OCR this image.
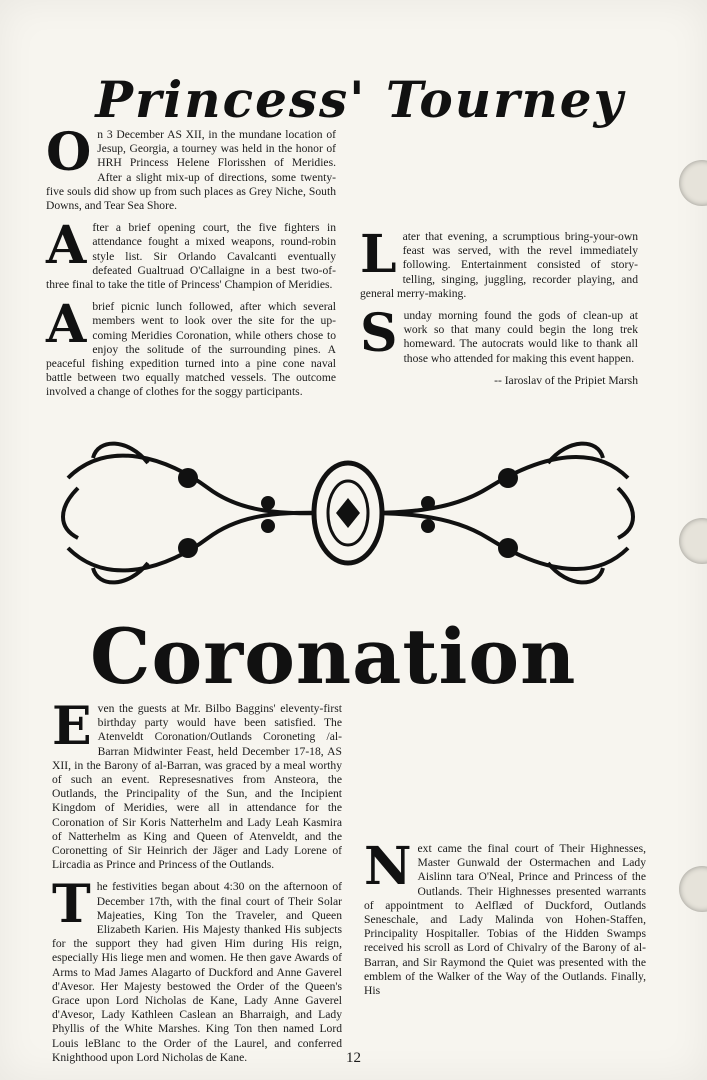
Princess' Tourney

On 3 December AS XII, in the mundane location of Jesup, Georgia, a tourney was held in the honor of HRH Princess Helene Florisshen of Meridies. After a slight mix-up of directions, some twenty-five souls did show up from such places as Grey Niche, South Downs, and Tear Sea Shore.

After a brief opening court, the five fighters in attendance fought a mixed weapons, round-robin style list. Sir Orlando Cavalcanti eventually defeated Gualtruad O'Callaigne in a best two-of-three final to take the title of Princess' Champion of Meridies.

Abrief picnic lunch followed, after which several members went to look over the site for the up-coming Meridies Coronation, while others chose to enjoy the solitude of the surrounding pines. A peaceful fishing expedition turned into a pine cone naval battle between two equally matched vessels. The outcome involved a change of clothes for the soggy participants.

Later that evening, a scrumptious bring-your-own feast was served, with the revel immediately following. Entertainment consisted of story-telling, singing, juggling, recorder playing, and general merry-making.

Sunday morning found the gods of clean-up at work so that many could begin the long trek homeward. The autocrats would like to thank all those who attended for making this event happen.

-- Iaroslav of the Pripiet Marsh
Coronation

Even the guests at Mr. Bilbo Baggins' eleventy-first birthday party would have been satisfied. The Atenveldt Coronation/Outlands Coroneting /al-Barran Midwinter Feast, held December 17-18, AS XII, in the Barony of al-Barran, was graced by a meal worthy of such an event. Represesnatives from Ansteora, the Outlands, the Principality of the Sun, and the Incipient Kingdom of Meridies, were all in attendance for the Coronation of Sir Koris Natterhelm and Lady Leah Kasmira of Natterhelm as King and Queen of Atenveldt, and the Coronetting of Sir Heinrich der Jäger and Lady Lorene of Lircadia as Prince and Princess of the Outlands.

The festivities began about 4:30 on the afternoon of December 17th, with the final court of Their Solar Majeaties, King Ton the Traveler, and Queen Elizabeth Karien. His Majesty thanked His subjects for the support they had given Him during His reign, especially His liege men and women. He then gave Awards of Arms to Mad James Alagarto of Duckford and Anne Gaverel d'Avesor. Her Majesty bestowed the Order of the Queen's Grace upon Lord Nicholas de Kane, Lady Anne Gaverel d'Avesor, Lady Kathleen Caslean an Bharraigh, and Lady Phyllis of the White Marshes. King Ton then named Lord Louis leBlanc to the Order of the Laurel, and conferred Knighthood upon Lord Nicholas de Kane.

Next came the final court of Their Highnesses, Master Gunwald der Ostermachen and Lady Aislinn tara O'Neal, Prince and Princess of the Outlands. Their Highnesses presented warrants of appointment to Aelflæd of Duckford, Outlands Seneschale, and Lady Malinda von Hohen-Staffen, Principality Hospitaller. Tobias of the Hidden Swamps received his scroll as Lord of Chivalry of the Barony of al-Barran, and Sir Raymond the Quiet was presented with the emblem of the Walker of the Way of the Outlands. Finally, His

12
